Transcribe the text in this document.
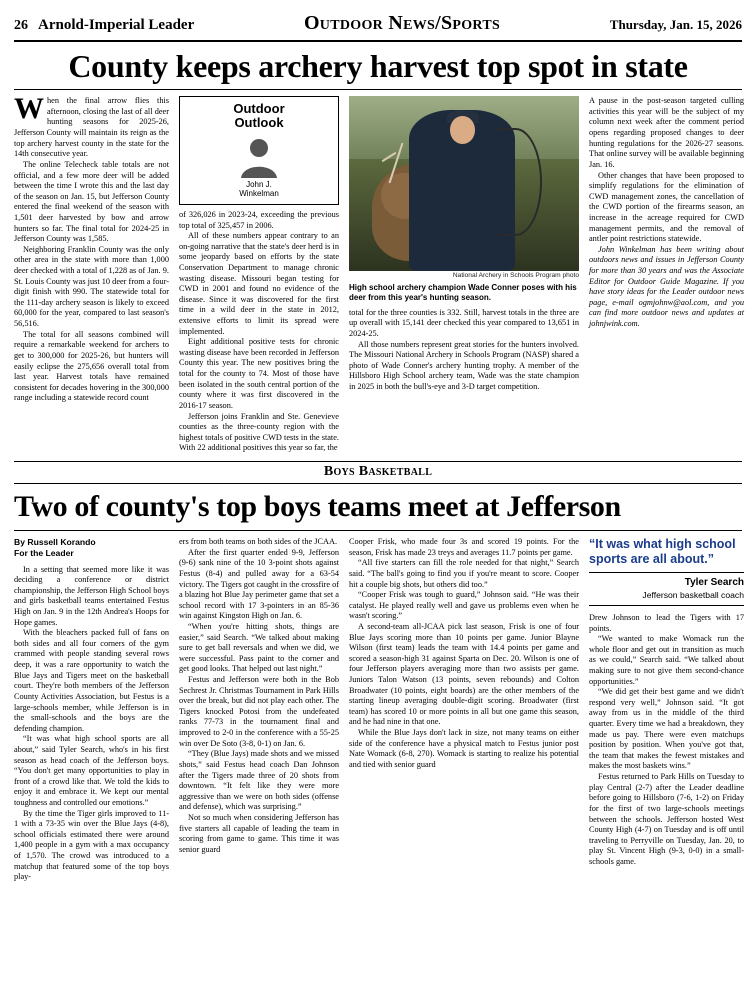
26 Arnold-Imperial Leader	Outdoor News/Sports	Thursday, Jan. 15, 2026
County keeps archery harvest top spot in state

When the final arrow flies this afternoon, closing the last of all deer hunting seasons for 2025-26, Jefferson County will maintain its reign as the top archery harvest county in the state for the 14th consecutive year.

The online Telecheck table totals are not official, and a few more deer will be added between the time I wrote this and the last day of the season on Jan. 15, but Jefferson County entered the final weekend of the season with 1,501 deer harvested by bow and arrow hunters so far. The final total for 2024-25 in Jefferson County was 1,585.

Neighboring Franklin County was the only other area in the state with more than 1,000 deer checked with a total of 1,228 as of Jan. 9. St. Louis County was just 10 deer from a four-digit finish with 990. The statewide total for the 111-day archery season is likely to exceed 60,000 for the year, compared to last season's 56,516.

The total for all seasons combined will require a remarkable weekend for archers to get to 300,000 for 2025-26, but hunters will easily eclipse the 275,656 overall total from last year. Harvest totals have remained consistent for decades hovering in the 300,000 range including a statewide record count

Outdoor
Outlook
John J.
Winkelman

of 326,026 in 2023-24, exceeding the previous top total of 325,457 in 2006.

All of these numbers appear contrary to an on-going narrative that the state's deer herd is in some jeopardy based on efforts by the state Conservation Department to manage chronic wasting disease. Missouri began testing for CWD in 2001 and found no evidence of the disease. Since it was discovered for the first time in a wild deer in the state in 2012, extensive efforts to limit its spread were implemented.

Eight additional positive tests for chronic wasting disease have been recorded in Jefferson County this year. The new positives bring the total for the county to 74. Most of those have been isolated in the south central portion of the county where it was first discovered in the 2016-17 season.

Jefferson joins Franklin and Ste. Genevieve counties as the three-county region with the highest totals of positive CWD tests in the state. With 22 additional positives this year so far, the

National Archery in Schools Program photo
High school archery champion Wade Conner poses with his deer from this year's hunting season.

total for the three counties is 332. Still, harvest totals in the three are up overall with 15,141 deer checked this year compared to 13,651 in 2024-25.

All those numbers represent great stories for the hunters involved. The Missouri National Archery in Schools Program (NASP) shared a photo of Wade Conner's archery hunting trophy. A member of the Hillsboro High School archery team, Wade was the state champion in 2025 in both the bull's-eye and 3-D target competition.

A pause in the post-season targeted culling activities this year will be the subject of my column next week after the comment period opens regarding proposed changes to deer hunting regulations for the 2026-27 seasons. That online survey will be available beginning Jan. 16.

Other changes that have been proposed to simplify regulations for the elimination of CWD management zones, the cancellation of the CWD portion of the firearms season, an increase in the acreage required for CWD management permits, and the removal of antler point restrictions statewide.

John Winkelman has been writing about outdoors news and issues in Jefferson County for more than 30 years and was the Associate Editor for Outdoor Guide Magazine. If you have story ideas for the Leader outdoor news page, e-mail ogmjohnw@aol.com, and you can find more outdoor news and updates at johnjwink.com.

Boys Basketball
Two of county's top boys teams meet at Jefferson
By Russell Korando
For the Leader

In a setting that seemed more like it was deciding a conference or district championship, the Jefferson High School boys and girls basketball teams entertained Festus High on Jan. 9 in the 12th Andrea's Hoops for Hope games.

With the bleachers packed full of fans on both sides and all four corners of the gym crammed with people standing several rows deep, it was a rare opportunity to watch the Blue Jays and Tigers meet on the basketball court. They're both members of the Jefferson County Activities Association, but Festus is a large-schools member, while Jefferson is in the small-schools and the boys are the defending champion.

“It was what high school sports are all about,” said Tyler Search, who's in his first season as head coach of the Jefferson boys. “You don't get many opportunities to play in front of a crowd like that. We told the kids to enjoy it and embrace it. We kept our mental toughness and controlled our emotions.”

By the time the Tiger girls improved to 11-1 with a 73-35 win over the Blue Jays (4-8), school officials estimated there were around 1,400 people in a gym with a max occupancy of 1,570. The crowd was introduced to a matchup that featured some of the top boys play-

ers from both teams on both sides of the JCAA.

After the first quarter ended 9-9, Jefferson (9-6) sank nine of the 10 3-point shots against Festus (8-4) and pulled away for a 63-54 victory. The Tigers got caught in the crossfire of a blazing hot Blue Jay perimeter game that set a school record with 17 3-pointers in an 85-36 win against Kingston High on Jan. 6.

“When you're hitting shots, things are easier,” said Search. “We talked about making sure to get ball reversals and when we did, we were successful. Pass paint to the corner and get good looks. That helped out last night.”

Festus and Jefferson were both in the Bob Sechrest Jr. Christmas Tournament in Park Hills over the break, but did not play each other. The Tigers knocked Potosi from the undefeated ranks 77-73 in the tournament final and improved to 2-0 in the conference with a 55-25 win over De Soto (3-8, 0-1) on Jan. 6.

“They (Blue Jays) made shots and we missed shots,” said Festus head coach Dan Johnson after the Tigers made three of 20 shots from downtown. “It felt like they were more aggressive than we were on both sides (offense and defense), which was surprising.”

Not so much when considering Jefferson has five starters all capable of leading the team in scoring from game to game. This time it was senior guard

Cooper Frisk, who made four 3s and scored 19 points. For the season, Frisk has made 23 treys and averages 11.7 points per game.

“All five starters can fill the role needed for that night,” Search said. “The ball's going to find you if you're meant to score. Cooper hit a couple big shots, but others did too.”

“Cooper Frisk was tough to guard,” Johnson said. “He was their catalyst. He played really well and gave us problems even when he wasn't scoring.”

A second-team all-JCAA pick last season, Frisk is one of four Blue Jays scoring more than 10 points per game. Junior Blayne Wilson (first team) leads the team with 14.4 points per game and scored a season-high 31 against Sparta on Dec. 20. Wilson is one of four Jefferson players averaging more than two assists per game. Juniors Talon Watson (13 points, seven rebounds) and Colton Broadwater (10 points, eight boards) are the other members of the starting lineup averaging double-digit scoring. Broadwater (first team) has scored 10 or more points in all but one game this season, and he had nine in that one.

While the Blue Jays don't lack in size, not many teams on either side of the conference have a physical match to Festus junior post Nate Womack (6-8, 270). Womack is starting to realize his potential and tied with senior guard

“It was what high school sports are all about.”
Tyler Search
Jefferson basketball coach

Drew Johnson to lead the Tigers with 17 points.

“We wanted to make Womack run the whole floor and get out in transition as much as we could,” Search said. “We talked about making sure to not give them second-chance opportunities.”

“We did get their best game and we didn't respond very well,” Johnson said. “It got away from us in the middle of the third quarter. Every time we had a breakdown, they made us pay. There were even matchups position by position. When you've got that, the team that makes the fewest mistakes and makes the most baskets wins.”

Festus returned to Park Hills on Tuesday to play Central (2-7) after the Leader deadline before going to Hillsboro (7-6, 1-2) on Friday for the first of two large-schools meetings between the schools. Jefferson hosted West County High (4-7) on Tuesday and is off until traveling to Perryville on Tuesday, Jan. 20, to play St. Vincent High (9-3, 0-0) in a small-schools game.
